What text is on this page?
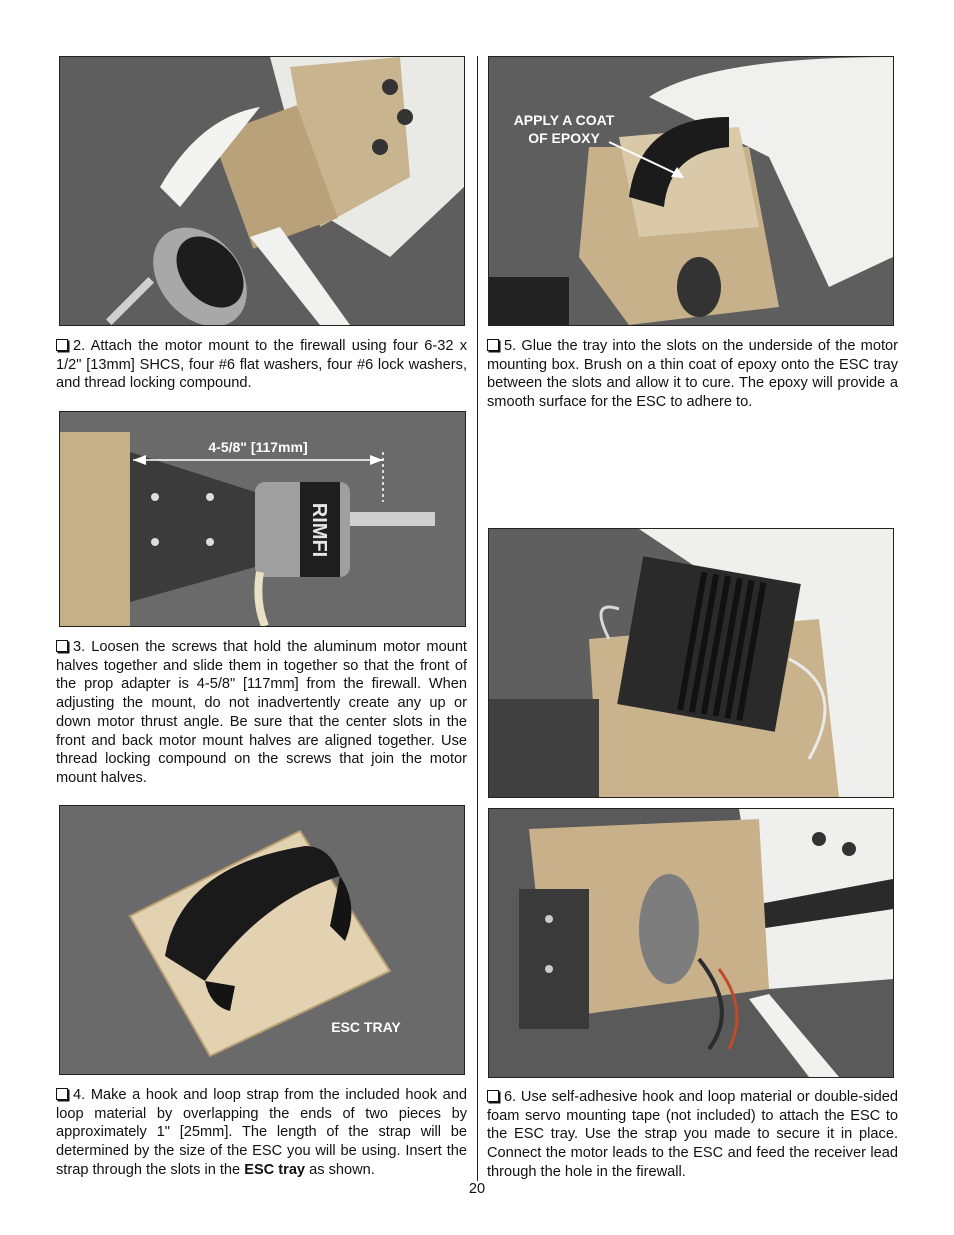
APPLY A COAT
OF EPOXY

2. Attach the motor mount to the firewall using four 6-32 x 1/2" [13mm] SHCS, four #6 flat washers, four #6 lock washers, and thread locking compound.

5. Glue the tray into the slots on the underside of the motor mounting box. Brush on a thin coat of epoxy onto the ESC tray between the slots and allow it to cure. The epoxy will provide a smooth surface for the ESC to adhere to.

4-5/8" [117mm]
RIMFI

3. Loosen the screws that hold the aluminum motor mount halves together and slide them in together so that the front of the prop adapter is 4-5/8" [117mm] from the firewall. When adjusting the mount, do not inadvertently create any up or down motor thrust angle. Be sure that the center slots in the front and back motor mount halves are aligned together. Use thread locking compound on the screws that join the motor mount halves.

ESC TRAY

4. Make a hook and loop strap from the included hook and loop material by overlapping the ends of two pieces by approximately 1" [25mm]. The length of the strap will be determined by the size of the ESC you will be using. Insert the strap through the slots in the ESC tray as shown.

6. Use self-adhesive hook and loop material or double-sided foam servo mounting tape (not included) to attach the ESC to the ESC tray. Use the strap you made to secure it in place. Connect the motor leads to the ESC and feed the receiver lead through the hole in the firewall.

20
